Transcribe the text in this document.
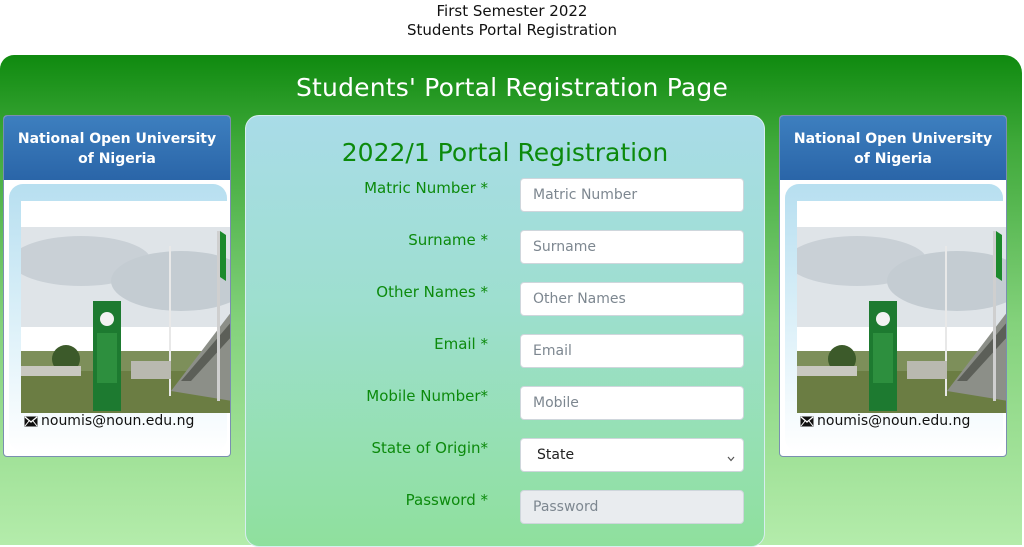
First Semester 2022
Students Portal Registration
Students' Portal Registration Page
National Open University
of Nigeria
noumis@noun.edu.ng
National Open University
of Nigeria
noumis@noun.edu.ng
2022/1 Portal Registration
Matric Number *
Matric Number
Surname *
Surname
Other Names *
Other Names
Email *
Email
Mobile Number*
Mobile
State of Origin*	State
Password *
